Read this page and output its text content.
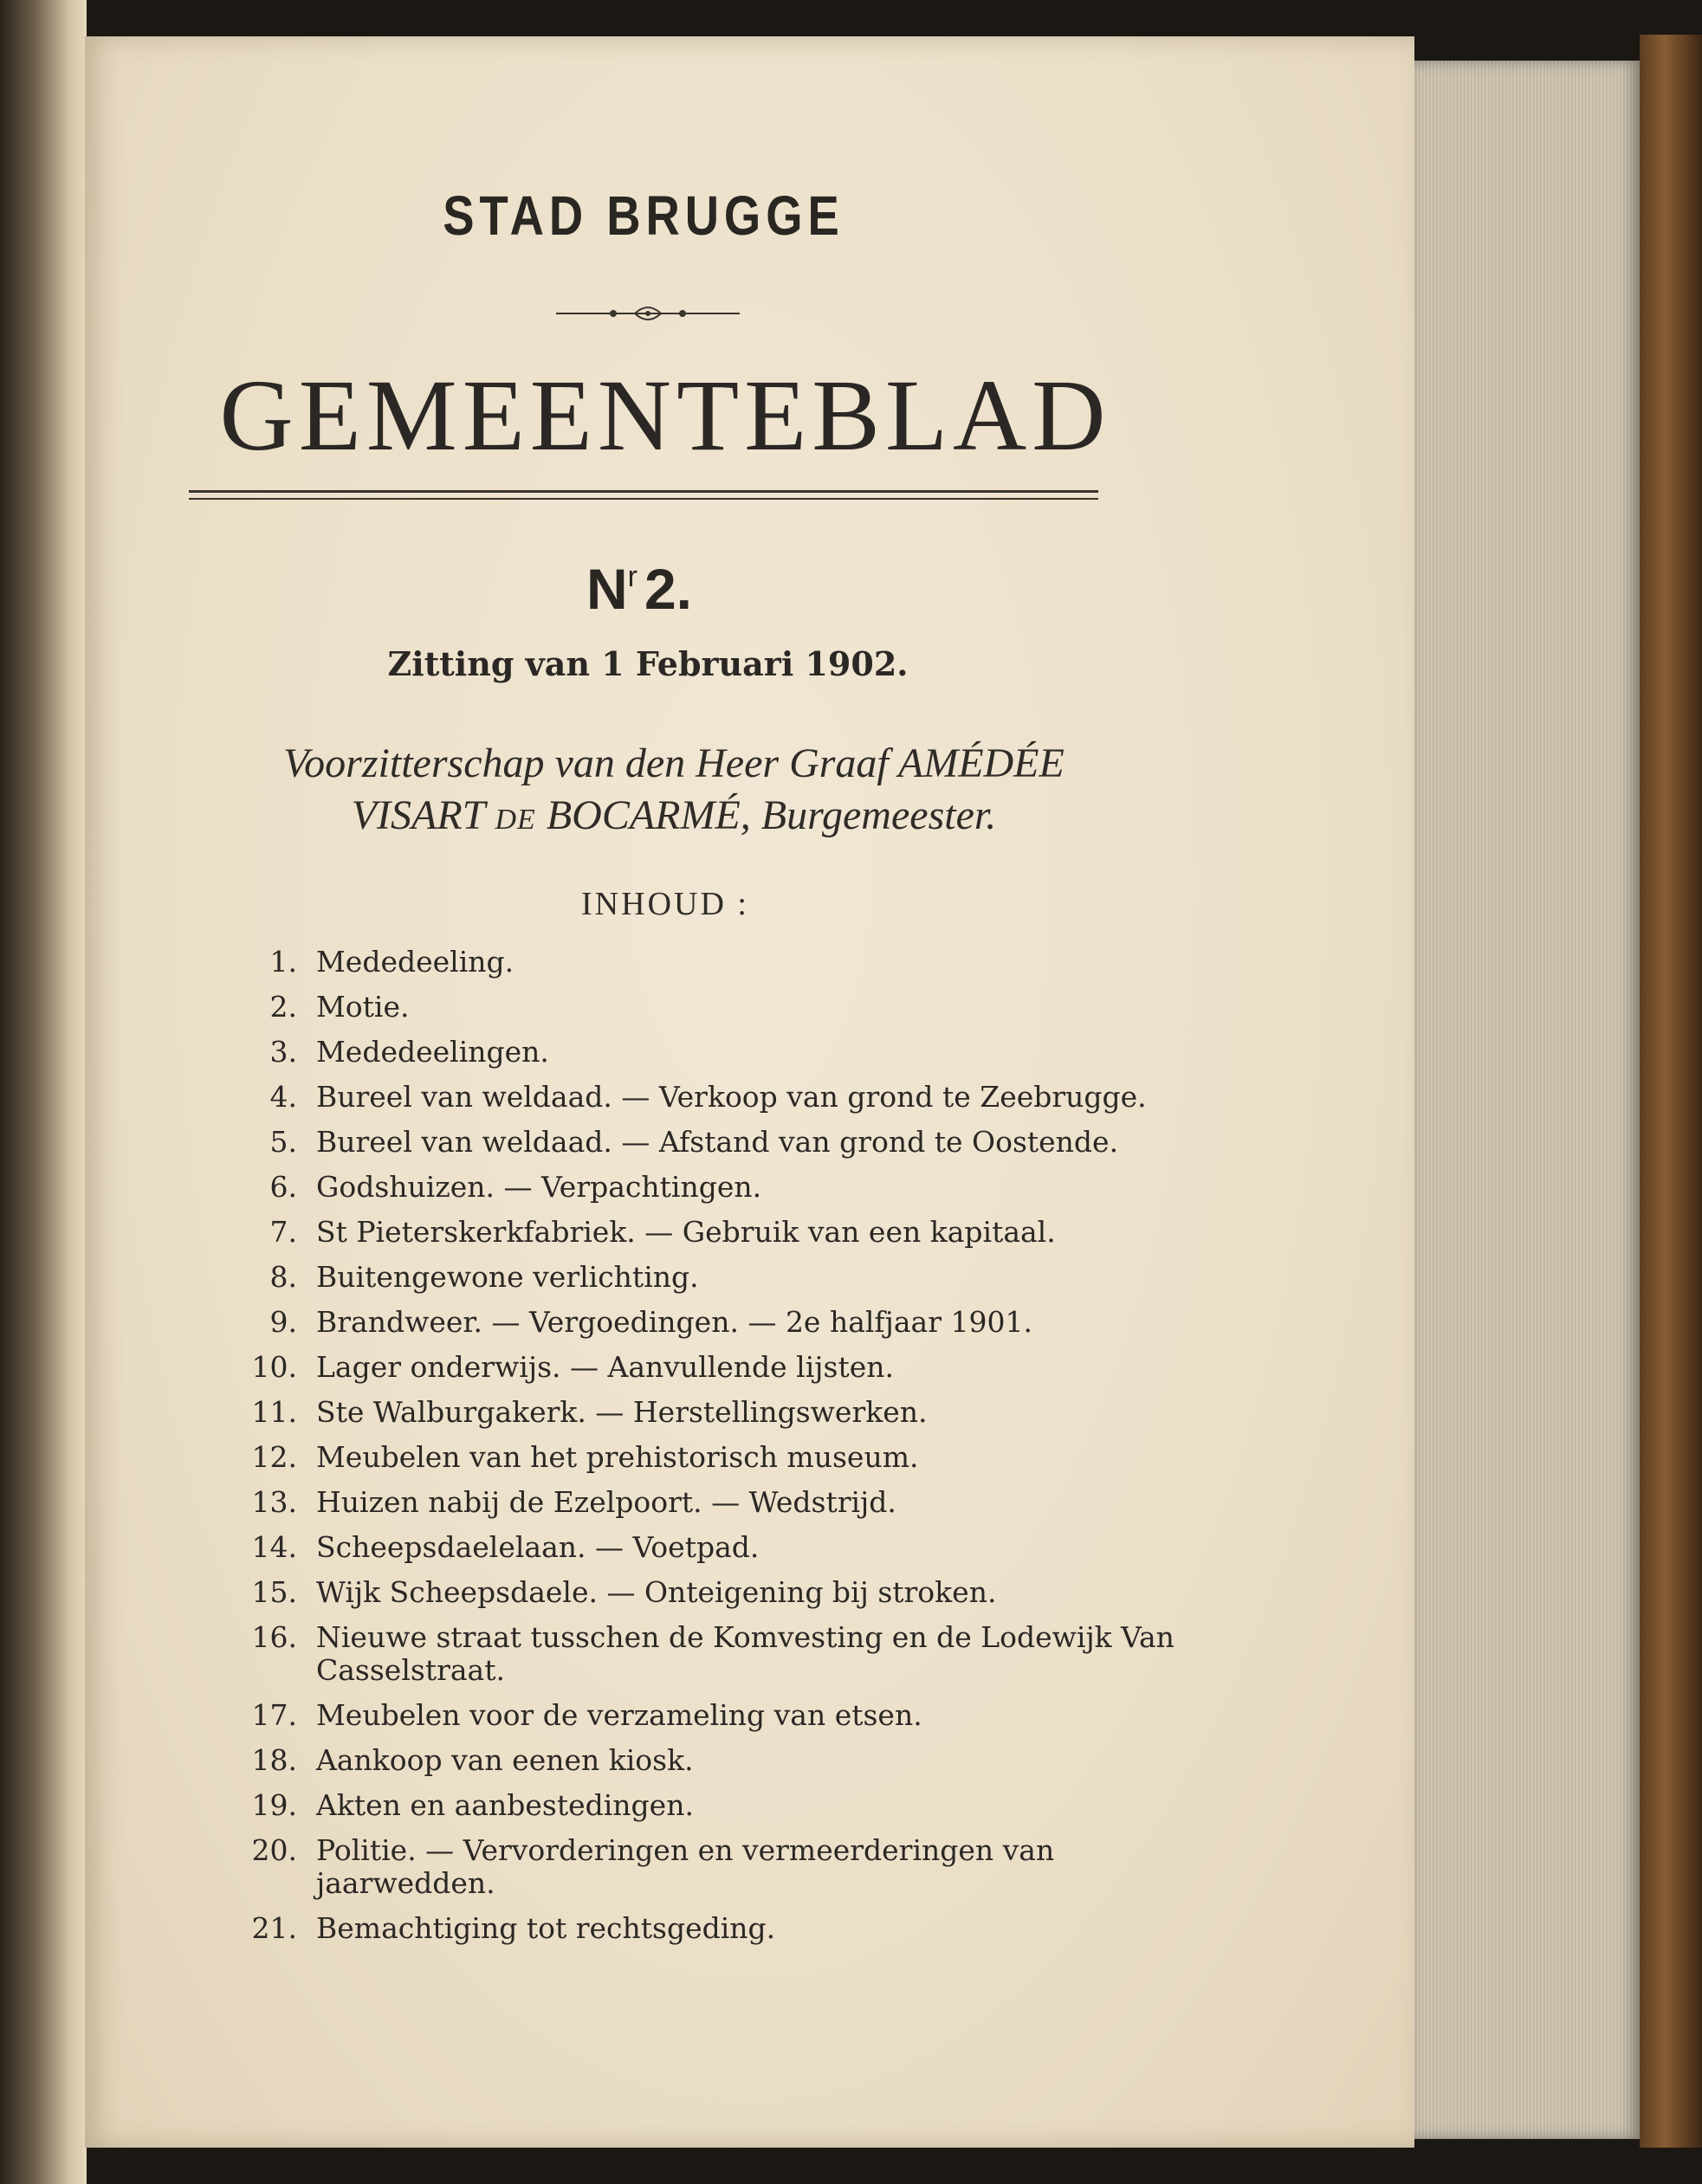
STAD BRUGGE
GEMEENTEBLAD
$N^r$ 2.
Zitting van 1 Februari 1902.
Voorzitterschap van den Heer Graaf AMÉDÉE
VISART DE BOCARMÉ, Burgemeester.
INHOUD :
1. Mededeeling.
2. Motie.
3. Mededeelingen.
4. Bureel van weldaad. — Verkoop van grond te Zeebrugge.
5. Bureel van weldaad. — Afstand van grond te Oostende.
6. Godshuizen. — Verpachtingen.
7. St Pieterskerkfabriek. — Gebruik van een kapitaal.
8. Buitengewone verlichting.
9. Brandweer. — Vergoedingen. — 2e halfjaar 1901.
10. Lager onderwijs. — Aanvullende lijsten.
11. Ste Walburgakerk. — Herstellingswerken.
12. Meubelen van het prehistorisch museum.
13. Huizen nabij de Ezelpoort. — Wedstrijd.
14. Scheepsdaelelaan. — Voetpad.
15. Wijk Scheepsdaele. — Onteigening bij stroken.
16. Nieuwe straat tusschen de Komvesting en de Lodewijk Van Casselstraat.
17. Meubelen voor de verzameling van etsen.
18. Aankoop van eenen kiosk.
19. Akten en aanbestedingen.
20. Politie. — Vervorderingen en vermeerderingen van jaarwedden.
21. Bemachtiging tot rechtsgeding.
